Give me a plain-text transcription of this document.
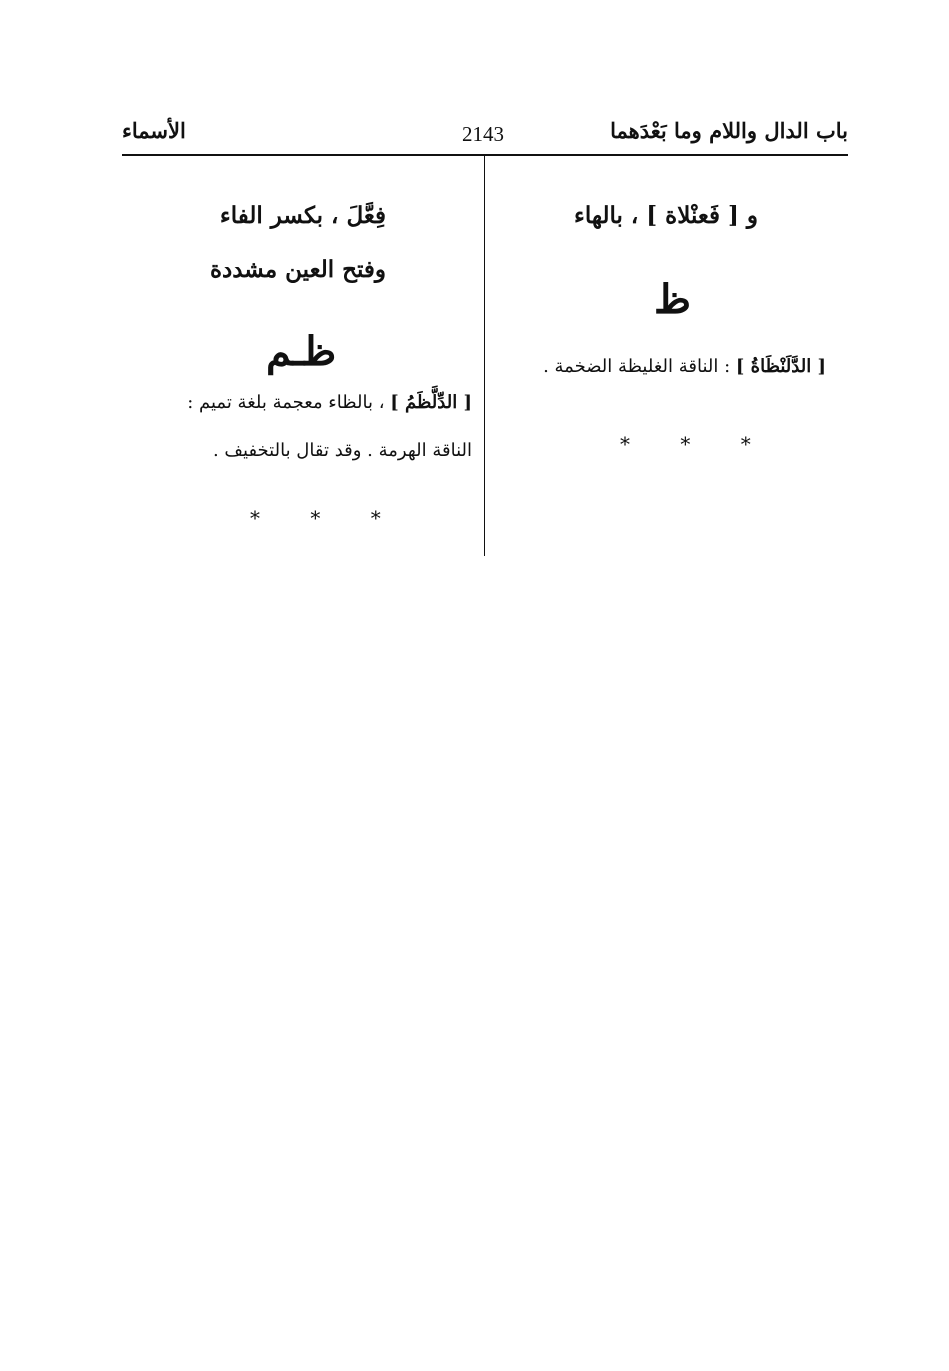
باب الدال واللام وما بَعْدَهما
2143
الأسماء
و [ فَعنْلاة ] ، بالهاء
ظ
[ الدَّلَنْظَاةُ ] : الناقة الغليظة الضخمة .
* * *
فِعَّلَ ، بكسر الفاء
وفتح العين مشددة
ظـم
[ الدِّلَّظَمُ ] ، بالظاء معجمة بلغة تميم :
الناقة الهرمة . وقد تقال بالتخفيف .
* * *
